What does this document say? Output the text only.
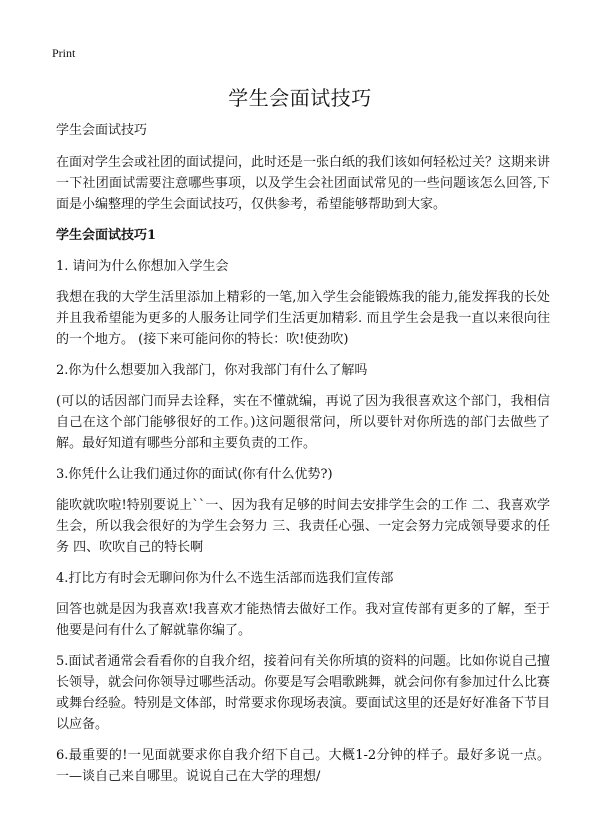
Print
学生会面试技巧

学生会面试技巧

在面对学生会或社团的面试提问，此时还是一张白纸的我们该如何轻松过关？这期来讲一下社团面试需要注意哪些事项，以及学生会社团面试常见的一些问题该怎么回答,下面是小编整理的学生会面试技巧，仅供参考，希望能够帮助到大家。

学生会面试技巧1

1. 请问为什么你想加入学生会

我想在我的大学生活里添加上精彩的一笔,加入学生会能锻炼我的能力,能发挥我的长处并且我希望能为更多的人服务让同学们生活更加精彩. 而且学生会是我一直以来很向往的一个地方。 (接下来可能问你的特长：吹!使劲吹)

2.你为什么想要加入我部门，你对我部门有什么了解吗

(可以的话因部门而异去诠释，实在不懂就编，再说了因为我很喜欢这个部门，我相信自己在这个部门能够很好的工作。)这问题很常问，所以要针对你所选的部门去做些了解。最好知道有哪些分部和主要负责的工作。

3.你凭什么让我们通过你的面试(你有什么优势?)

能吹就吹啦!特别要说上``一、因为我有足够的时间去安排学生会的工作 二、我喜欢学生会，所以我会很好的为学生会努力 三、我责任心强、一定会努力完成领导要求的任务 四、吹吹自己的特长啊

4.打比方有时会无聊问你为什么不选生活部而选我们宣传部

回答也就是因为我喜欢!我喜欢才能热情去做好工作。我对宣传部有更多的了解，至于他要是问有什么了解就靠你编了。

5.面试者通常会看看你的自我介绍，接着问有关你所填的资料的问题。比如你说自己擅长领导，就会问你领导过哪些活动。你要是写会唱歌跳舞，就会问你有参加过什么比赛或舞台经验。特别是文体部，时常要求你现场表演。要面试这里的还是好好准备下节目以应备。

6.最重要的!一见面就要求你自我介绍下自己。大概1-2分钟的样子。最好多说一点。 一—谈自己来自哪里。说说自己在大学的理想/
